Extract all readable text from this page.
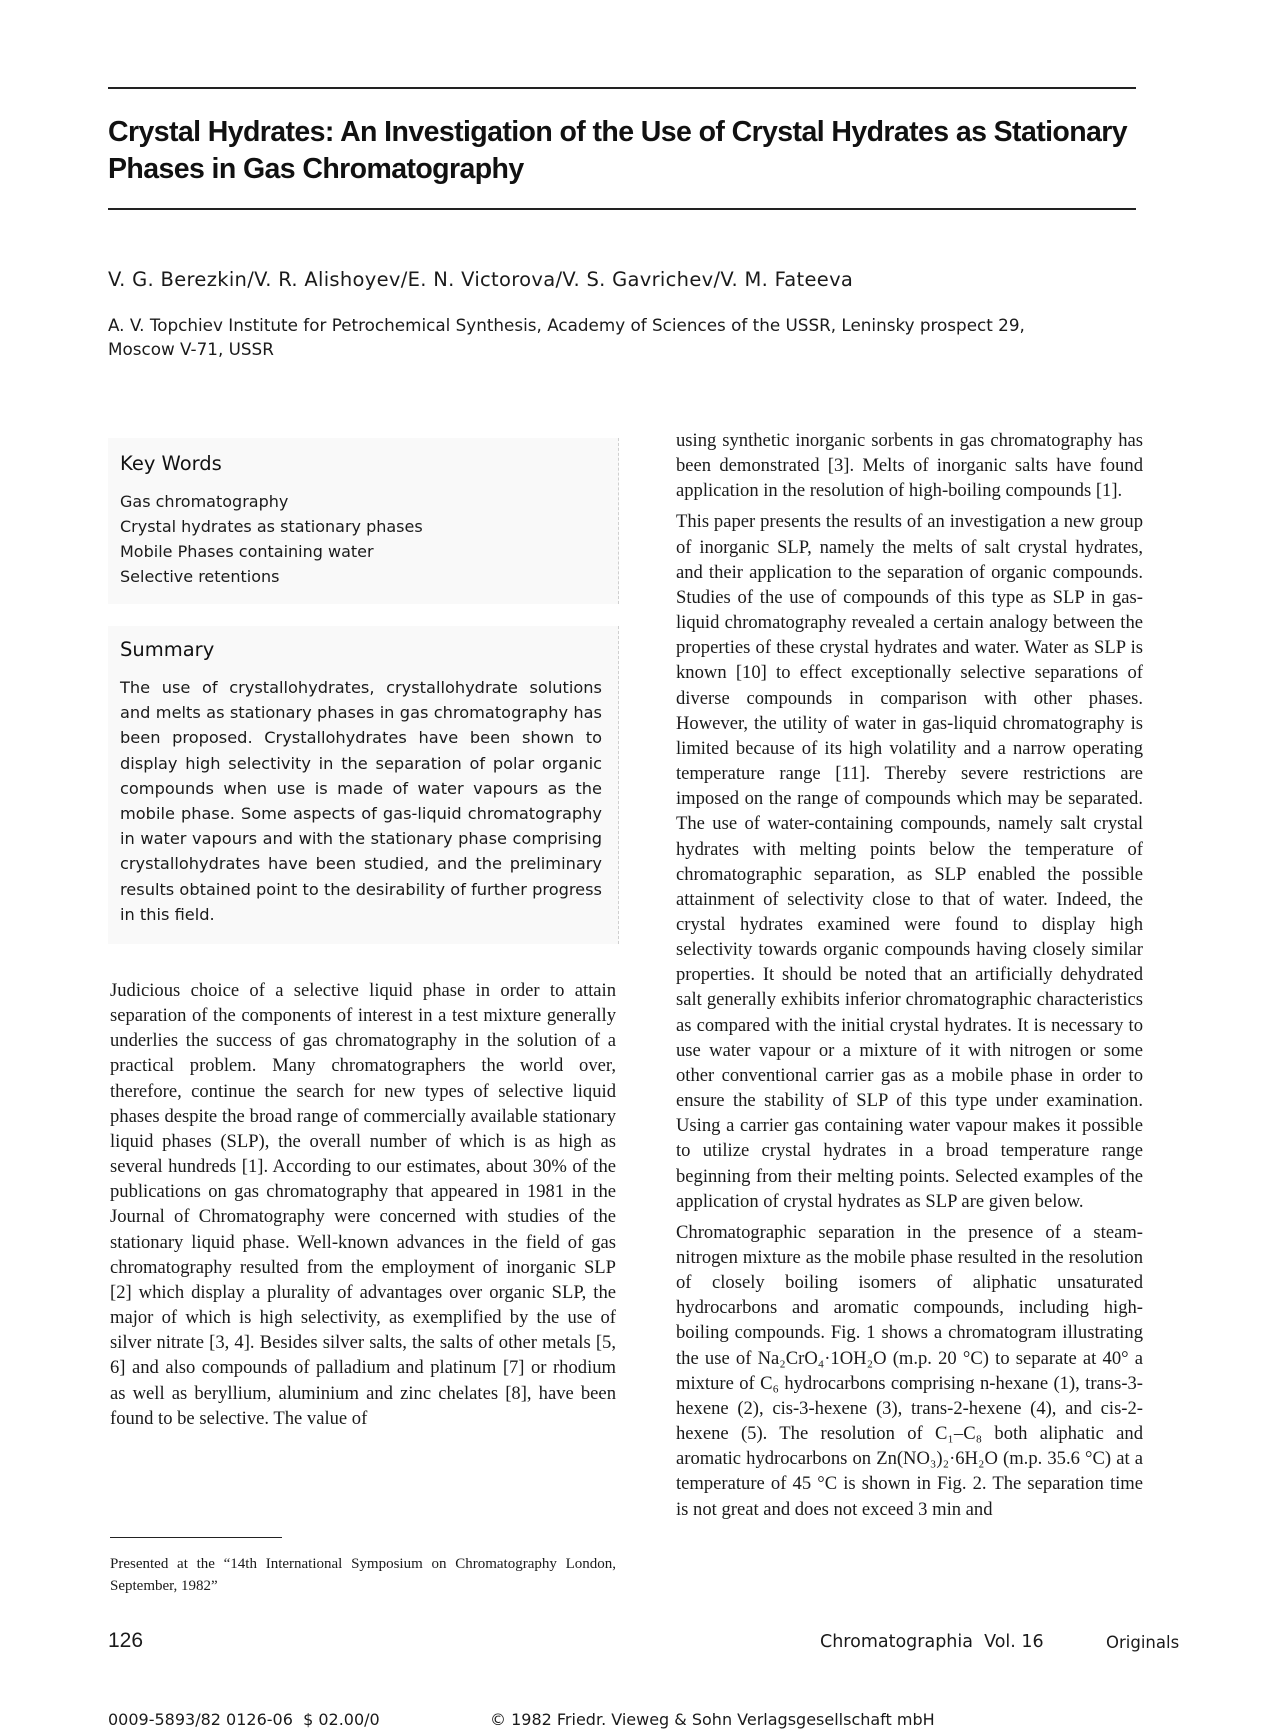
Crystal Hydrates: An Investigation of the Use of Crystal Hydrates as Stationary Phases in Gas Chromatography
V. G. Berezkin/V. R. Alishoyev/E. N. Victorova/V. S. Gavrichev/V. M. Fateeva
A. V. Topchiev Institute for Petrochemical Synthesis, Academy of Sciences of the USSR, Leninsky prospect 29, Moscow V-71, USSR
Key Words
Gas chromatography
Crystal hydrates as stationary phases
Mobile Phases containing water
Selective retentions
Summary
The use of crystallohydrates, crystallohydrate solutions and melts as stationary phases in gas chromatography has been proposed. Crystallohydrates have been shown to display high selectivity in the separation of polar organic compounds when use is made of water vapours as the mobile phase. Some aspects of gas-liquid chromatography in water vapours and with the stationary phase comprising crystallohydrates have been studied, and the preliminary results obtained point to the desirability of further progress in this field.

Judicious choice of a selective liquid phase in order to attain separation of the components of interest in a test mixture generally underlies the success of gas chromatography in the solution of a practical problem. Many chromatographers the world over, therefore, continue the search for new types of selective liquid phases despite the broad range of commercially available stationary liquid phases (SLP), the overall number of which is as high as several hundreds [1]. According to our estimates, about 30% of the publications on gas chromatography that appeared in 1981 in the Journal of Chromatography were concerned with studies of the stationary liquid phase. Well-known advances in the field of gas chromatography resulted from the employment of inorganic SLP [2] which display a plurality of advantages over organic SLP, the major of which is high selectivity, as exemplified by the use of silver nitrate [3, 4]. Besides silver salts, the salts of other metals [5, 6] and also compounds of palladium and platinum [7] or rhodium as well as beryllium, aluminium and zinc chelates [8], have been found to be selective. The value of

using synthetic inorganic sorbents in gas chromatography has been demonstrated [3]. Melts of inorganic salts have found application in the resolution of high-boiling compounds [1].

This paper presents the results of an investigation a new group of inorganic SLP, namely the melts of salt crystal hydrates, and their application to the separation of organic compounds. Studies of the use of compounds of this type as SLP in gas-liquid chromatography revealed a certain analogy between the properties of these crystal hydrates and water. Water as SLP is known [10] to effect exceptionally selective separations of diverse compounds in comparison with other phases. However, the utility of water in gas-liquid chromatography is limited because of its high volatility and a narrow operating temperature range [11]. Thereby severe restrictions are imposed on the range of compounds which may be separated. The use of water-containing compounds, namely salt crystal hydrates with melting points below the temperature of chromatographic separation, as SLP enabled the possible attainment of selectivity close to that of water. Indeed, the crystal hydrates examined were found to display high selectivity towards organic compounds having closely similar properties. It should be noted that an artificially dehydrated salt generally exhibits inferior chromatographic characteristics as compared with the initial crystal hydrates. It is necessary to use water vapour or a mixture of it with nitrogen or some other conventional carrier gas as a mobile phase in order to ensure the stability of SLP of this type under examination. Using a carrier gas containing water vapour makes it possible to utilize crystal hydrates in a broad temperature range beginning from their melting points. Selected examples of the application of crystal hydrates as SLP are given below.

Chromatographic separation in the presence of a steam-nitrogen mixture as the mobile phase resulted in the resolution of closely boiling isomers of aliphatic unsaturated hydrocarbons and aromatic compounds, including high-boiling compounds. Fig. 1 shows a chromatogram illustrating the use of Na₂CrO₄·1OH₂O (m.p. 20 °C) to separate at 40° a mixture of C₆ hydrocarbons comprising n-hexane (1), trans-3-hexene (2), cis-3-hexene (3), trans-2-hexene (4), and cis-2-hexene (5). The resolution of C₁–C₈ both aliphatic and aromatic hydrocarbons on Zn(NO₃)₂·6H₂O (m.p. 35.6 °C) at a temperature of 45 °C is shown in Fig. 2. The separation time is not great and does not exceed 3 min and

Presented at the “14th International Symposium on Chromatography London, September, 1982”
126	Chromatographia  Vol. 16	Originals
0009-5893/82 0126-06  $ 02.00/0	© 1982 Friedr. Vieweg & Sohn Verlagsgesellschaft mbH
